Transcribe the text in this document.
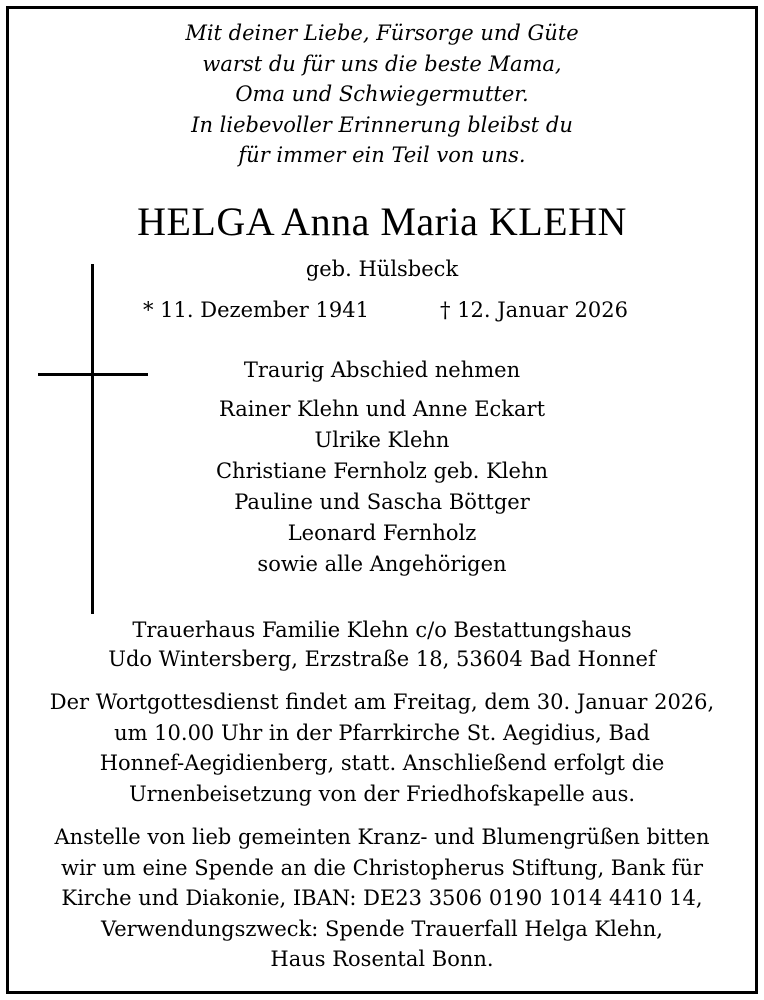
Mit deiner Liebe, Fürsorge und Güte
warst du für uns die beste Mama,
Oma und Schwiegermutter.
In liebevoller Erinnerung bleibst du
für immer ein Teil von uns.
HELGA Anna Maria KLEHN
geb. Hülsbeck
* 11. Dezember 1941	† 12. Januar 2026
Traurig Abschied nehmen
Rainer Klehn und Anne Eckart
Ulrike Klehn
Christiane Fernholz geb. Klehn
Pauline und Sascha Böttger
Leonard Fernholz
sowie alle Angehörigen
Trauerhaus Familie Klehn c/o Bestattungshaus
Udo Wintersberg, Erzstraße 18, 53604 Bad Honnef
Der Wortgottesdienst findet am Freitag, dem 30. Januar 2026,
um 10.00 Uhr in der Pfarrkirche St. Aegidius, Bad
Honnef-Aegidienberg, statt. Anschließend erfolgt die
Urnenbeisetzung von der Friedhofskapelle aus.
Anstelle von lieb gemeinten Kranz- und Blumengrüßen bitten
wir um eine Spende an die Christopherus Stiftung, Bank für
Kirche und Diakonie, IBAN: DE23 3506 0190 1014 4410 14,
Verwendungszweck: Spende Trauerfall Helga Klehn,
Haus Rosental Bonn.
